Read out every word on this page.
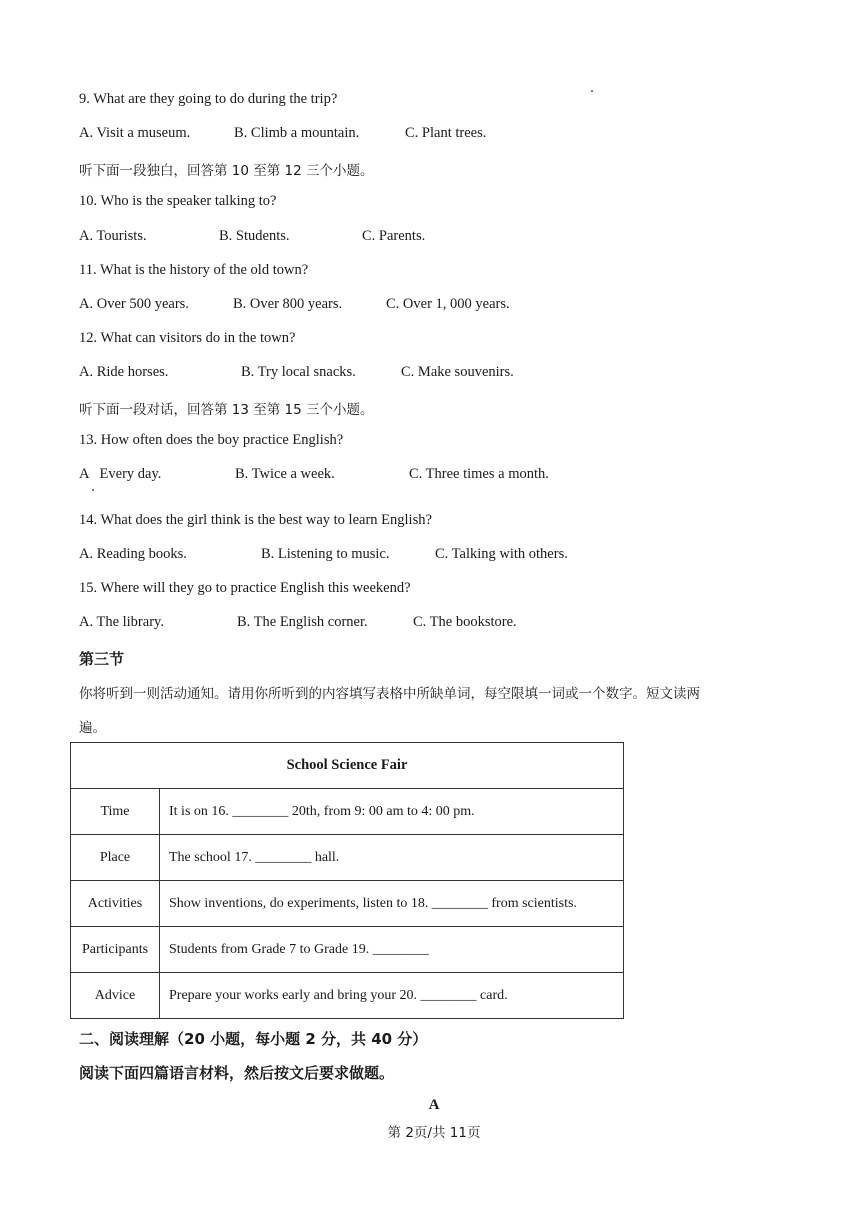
9. What are they going to do during the trip?
A. Visit a museum.	B. Climb a mountain.	C. Plant trees.
听下面一段独白，回答第 10 至第 12 三个小题。
10. Who is the speaker talking to?
A. Tourists.	B. Students.	C. Parents.
11. What is the history of the old town?
A. Over 500 years.	B. Over 800 years.	C. Over 1, 000 years.
12. What can visitors do in the town?
A. Ride horses.	B. Try local snacks.	C. Make souvenirs.
听下面一段对话，回答第 13 至第 15 三个小题。
13. How often does the boy practice English?
A   Every day.	B. Twice a week.	C. Three times a month.
14. What does the girl think is the best way to learn English?
A. Reading books.	B. Listening to music.	C. Talking with others.
15. Where will they go to practice English this weekend?
A. The library.	B. The English corner.	C. The bookstore.
第三节
你将听到一则活动通知。请用你所听到的内容填写表格中所缺单词，每空限填一词或一个数字。短文读两
遍。
School Science Fair	
Time	It is on 16. ________ 20th, from 9: 00 am to 4: 00 pm.
Place	The school 17. ________ hall.
Activities	Show inventions, do experiments, listen to 18. ________ from scientists.
Participants	Students from Grade 7 to Grade 19. ________
Advice	Prepare your works early and bring your 20. ________ card.
二、阅读理解（20 小题，每小题 2 分，共 40 分）
阅读下面四篇语言材料，然后按文后要求做题。
A
第 2页/共 11页
